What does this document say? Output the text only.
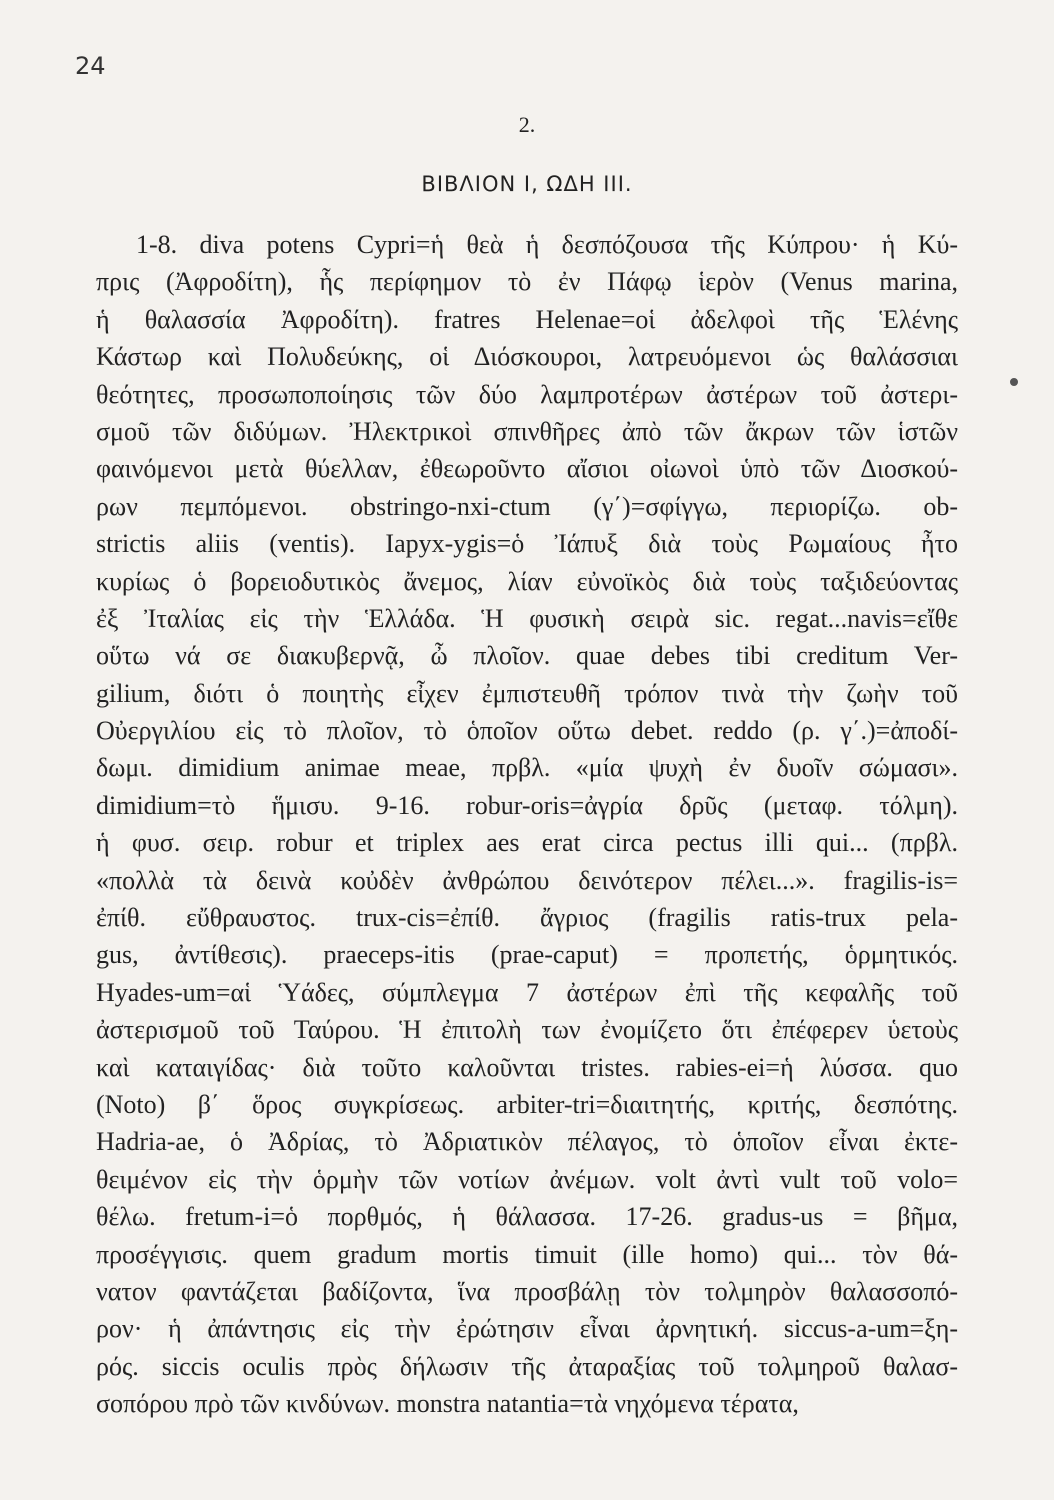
24
2.
ΒΙΒΛΙΟΝ Ι, ΩΔΗ ΙΙΙ.
1-8. diva potens Cypri=ἡ θεὰ ἡ δεσπόζουσα τῆς Κύπρου· ἡ Κύ-
πρις (Ἀφροδίτη), ἧς περίφημον τὸ ἐν Πάφῳ ἱερὸν (Venus marina,
ἡ θαλασσία Ἀφροδίτη). fratres Helenae=οἱ ἀδελφοὶ τῆς Ἑλένης
Κάστωρ καὶ Πολυδεύκης, οἱ Διόσκουροι, λατρευόμενοι ὡς θαλάσσιαι
θεότητες, προσωποποίησις τῶν δύο λαμπροτέρων ἀστέρων τοῦ ἀστερι-
σμοῦ τῶν διδύμων. Ἠλεκτρικοὶ σπινθῆρες ἀπὸ τῶν ἄκρων τῶν ἱστῶν
φαινόμενοι μετὰ θύελλαν, ἐθεωροῦντο αἴσιοι οἰωνοὶ ὑπὸ τῶν Διοσκού-
ρων πεμπόμενοι. obstringo-nxi-ctum (γ΄)=σφίγγω, περιορίζω. ob-
strictis aliis (ventis). Iapyx-ygis=ὁ Ἰάπυξ διὰ τοὺς Ρωμαίους ἦτο
κυρίως ὁ βορειοδυτικὸς ἄνεμος, λίαν εὐνοϊκὸς διὰ τοὺς ταξιδεύοντας
ἐξ Ἰταλίας εἰς τὴν Ἑλλάδα. Ἡ φυσικὴ σειρὰ sic. regat...navis=εἴθε
οὕτω νά σε διακυβερνᾷ, ὦ πλοῖον. quae debes tibi creditum Ver-
gilium, διότι ὁ ποιητὴς εἶχεν ἐμπιστευθῆ τρόπον τινὰ τὴν ζωὴν τοῦ
Οὐεργιλίου εἰς τὸ πλοῖον, τὸ ὁποῖον οὕτω debet. reddo (ρ. γ΄.)=ἀποδί-
δωμι. dimidium animae meae, πρβλ. «μία ψυχὴ ἐν δυοῖν σώμασι».
dimidium=τὸ ἥμισυ. 9-16. robur-oris=ἀγρία δρῦς (μεταφ. τόλμη).
ἡ φυσ. σειρ. robur et triplex aes erat circa pectus illi qui... (πρβλ.
«πολλὰ τὰ δεινὰ κοὐδὲν ἀνθρώπου δεινότερον πέλει...». fragilis-is=
ἐπίθ. εὔθραυστος. trux-cis=ἐπίθ. ἄγριος (fragilis ratis-trux pela-
gus, ἀντίθεσις). praeceps-itis (prae-caput) = προπετής, ὁρμητικός.
Hyades-um=αἱ Ὑάδες, σύμπλεγμα 7 ἀστέρων ἐπὶ τῆς κεφαλῆς τοῦ
ἀστερισμοῦ τοῦ Ταύρου. Ἡ ἐπιτολὴ των ἐνομίζετο ὅτι ἐπέφερεν ὑετοὺς
καὶ καταιγίδας· διὰ τοῦτο καλοῦνται tristes. rabies-ei=ἡ λύσσα. quo
(Noto) β΄ ὅρος συγκρίσεως. arbiter-tri=διαιτητής, κριτής, δεσπότης.
Hadria-ae, ὁ Ἀδρίας, τὸ Ἀδριατικὸν πέλαγος, τὸ ὁποῖον εἶναι ἐκτε-
θειμένον εἰς τὴν ὁρμὴν τῶν νοτίων ἀνέμων. volt ἀντὶ vult τοῦ volo=
θέλω. fretum-i=ὁ πορθμός, ἡ θάλασσα. 17-26. gradus-us = βῆμα,
προσέγγισις. quem gradum mortis timuit (ille homo) qui... τὸν θά-
νατον φαντάζεται βαδίζοντα, ἵνα προσβάλῃ τὸν τολμηρὸν θαλασσοπό-
ρον· ἡ ἀπάντησις εἰς τὴν ἐρώτησιν εἶναι ἀρνητική. siccus-a-um=ξη-
ρός. siccis oculis πρὸς δήλωσιν τῆς ἀταραξίας τοῦ τολμηροῦ θαλασ-
σοπόρου πρὸ τῶν κινδύνων. monstra natantia=τὰ νηχόμενα τέρατα,
